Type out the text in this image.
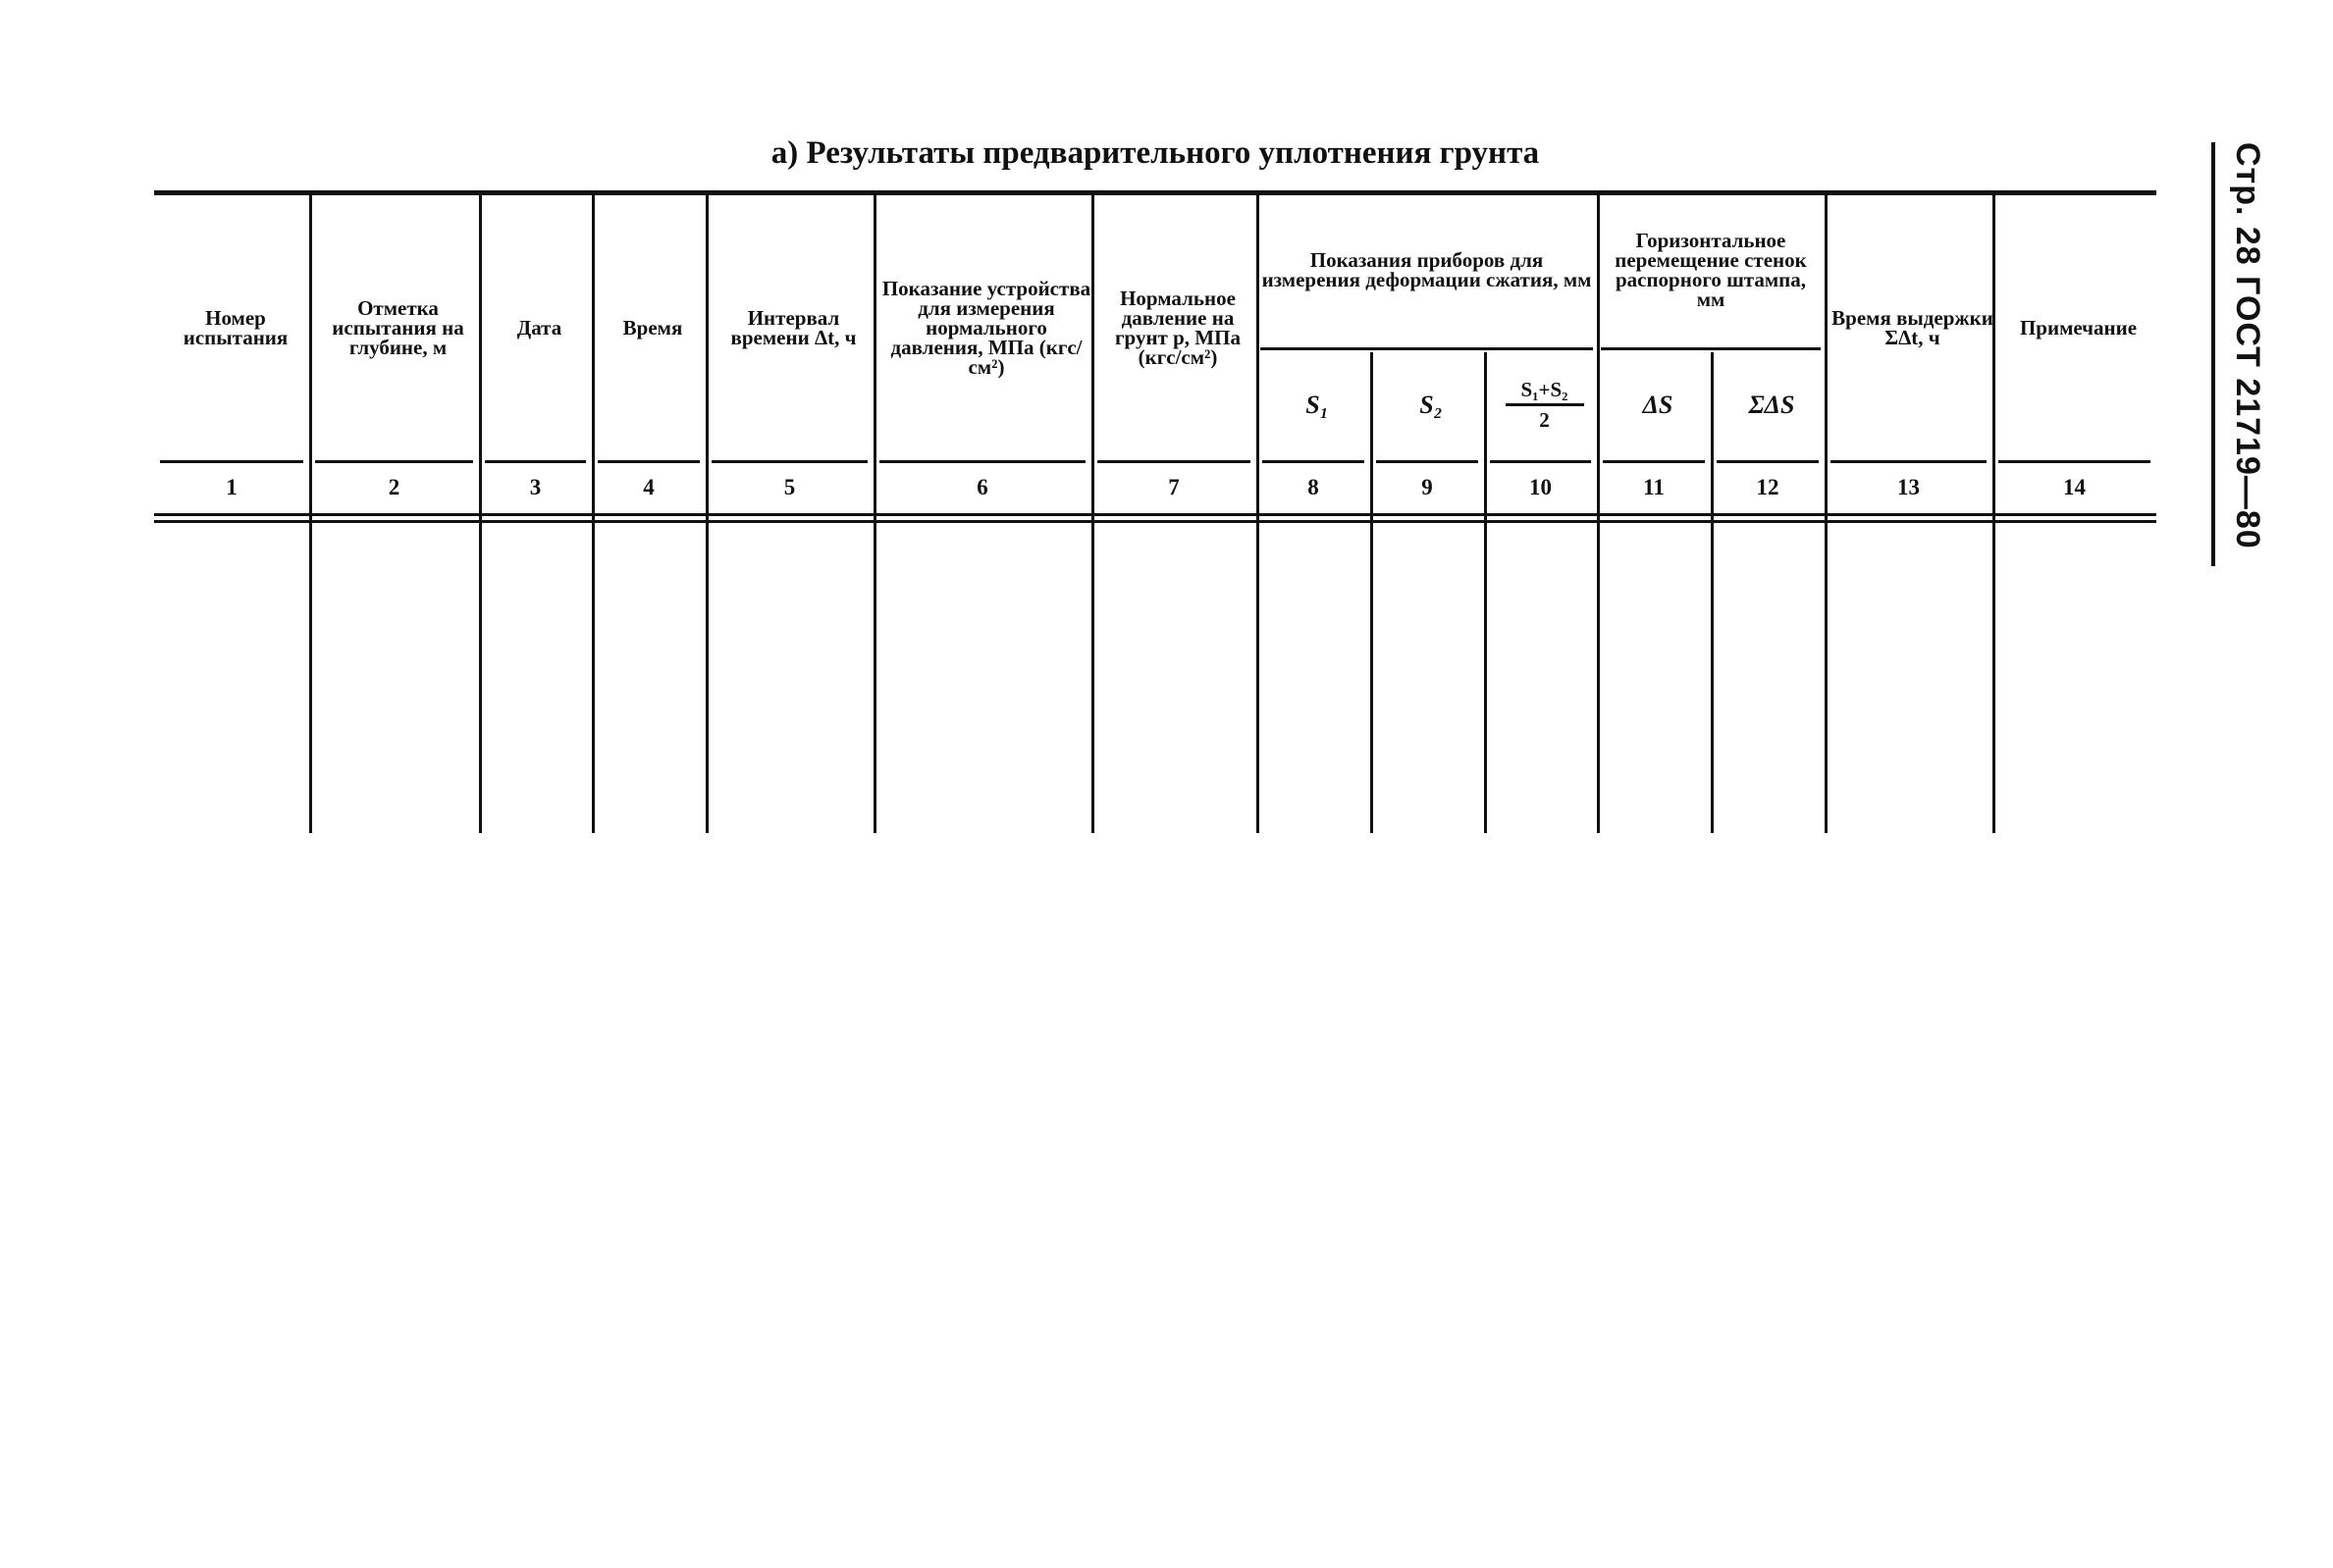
а) Результаты предварительного уплотнения грунта	Стр. 28 ГОСТ 21719—80
Номер испытания
1
Отметка испытания на глубине, м
2
Дата
3
Время
4
Интервал времени Δt, ч
5
Показание устройства для измерения нормального давления, МПа (кгс/см²)
6
Нормальное давление на грунт p, МПа (кгс/см²)
7
S₁
8
S₂
9
$\frac{\text{S₁+S₂}}{2}$
10
ΔS
11
ΣΔS
12
Время выдержки ΣΔt, ч
13
Примечание
14
Показания приборов для измерения деформации сжатия, мм
Горизонтальное перемещение стенок распорного штампа, мм
